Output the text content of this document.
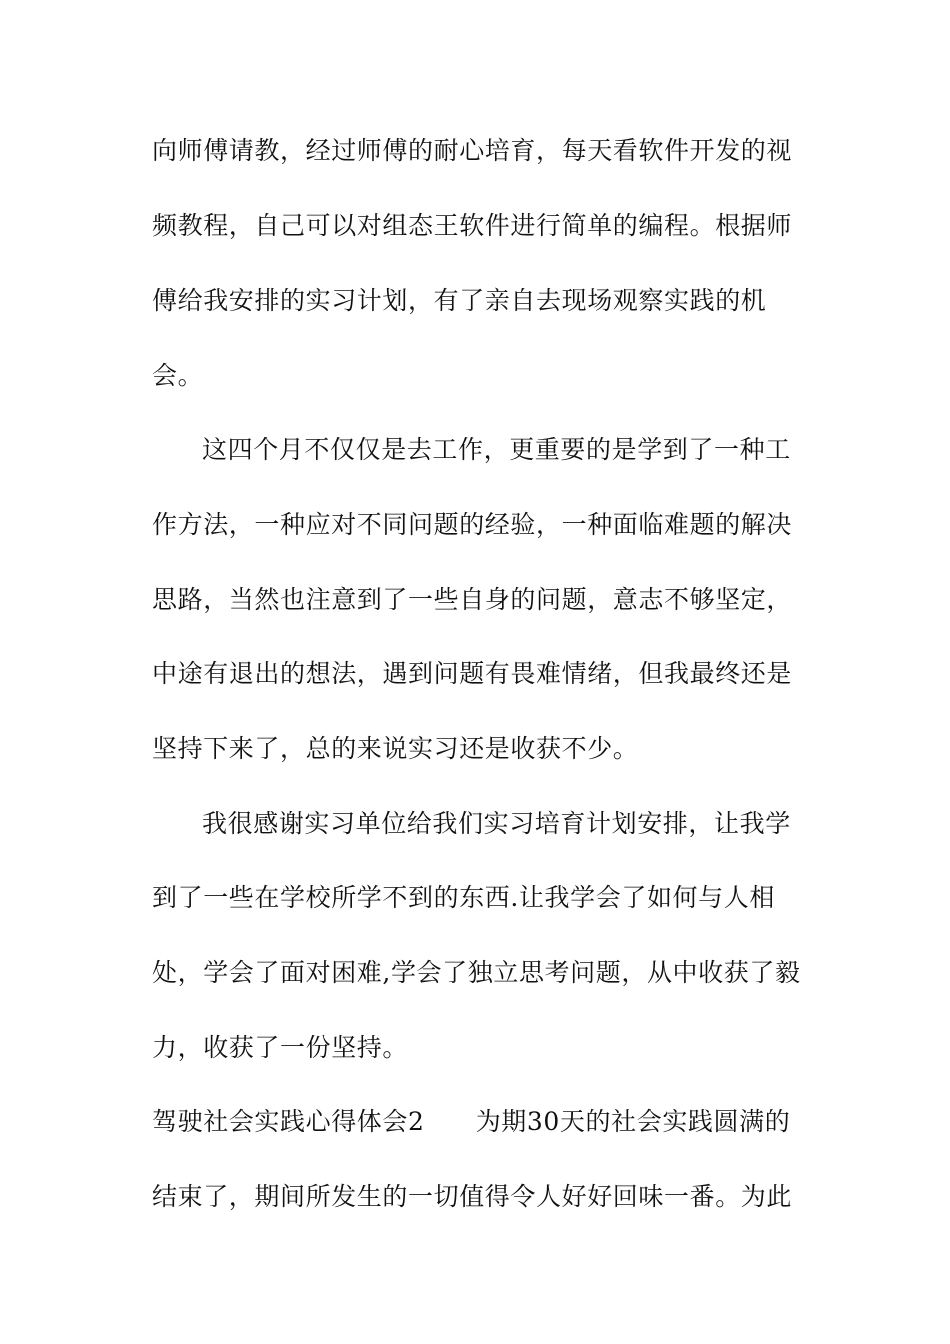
向师傅请教，经过师傅的耐心培育，每天看软件开发的视
频教程，自己可以对组态王软件进行简单的编程。根据师
傅给我安排的实习计划，有了亲自去现场观察实践的机
会。
这四个月不仅仅是去工作，更重要的是学到了一种工
作方法，一种应对不同问题的经验，一种面临难题的解决
思路，当然也注意到了一些自身的问题，意志不够坚定，
中途有退出的想法，遇到问题有畏难情绪，但我最终还是
坚持下来了，总的来说实习还是收获不少。
我很感谢实习单位给我们实习培育计划安排，让我学
到了一些在学校所学不到的东西.让我学会了如何与人相
处，学会了面对困难,学会了独立思考问题，从中收获了毅
力，收获了一份坚持。
驾驶社会实践心得体会2　　为期30天的社会实践圆满的
结束了，期间所发生的一切值得令人好好回味一番。为此
